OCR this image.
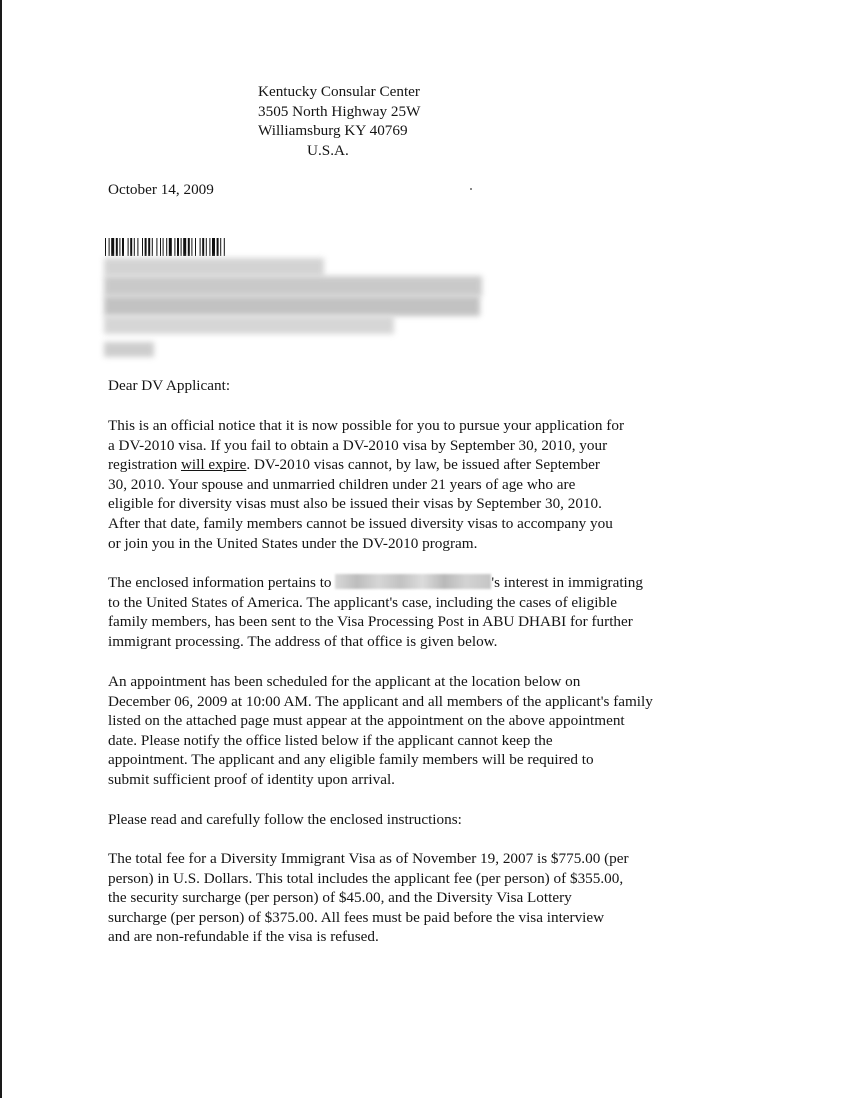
Kentucky Consular Center
3505 North Highway 25W
Williamsburg KY 40769
U.S.A.
October 14, 2009
Dear DV Applicant:
This is an official notice that it is now possible for you to pursue your application for
a DV-2010 visa. If you fail to obtain a DV-2010 visa by September 30, 2010, your
registration will expire. DV-2010 visas cannot, by law, be issued after September
30, 2010. Your spouse and unmarried children under 21 years of age who are
eligible for diversity visas must also be issued their visas by September 30, 2010.
After that date, family members cannot be issued diversity visas to accompany you
or join you in the United States under the DV-2010 program.
The enclosed information pertains to	's interest in immigrating
to the United States of America. The applicant's case, including the cases of eligible
family members, has been sent to the Visa Processing Post in ABU DHABI for further
immigrant processing. The address of that office is given below.
An appointment has been scheduled for the applicant at the location below on
December 06, 2009 at 10:00 AM. The applicant and all members of the applicant's family
listed on the attached page must appear at the appointment on the above appointment
date. Please notify the office listed below if the applicant cannot keep the
appointment. The applicant and any eligible family members will be required to
submit sufficient proof of identity upon arrival.
Please read and carefully follow the enclosed instructions:
The total fee for a Diversity Immigrant Visa as of November 19, 2007 is $775.00 (per
person) in U.S. Dollars. This total includes the applicant fee (per person) of $355.00,
the security surcharge (per person) of $45.00, and the Diversity Visa Lottery
surcharge (per person) of $375.00. All fees must be paid before the visa interview
and are non-refundable if the visa is refused.
